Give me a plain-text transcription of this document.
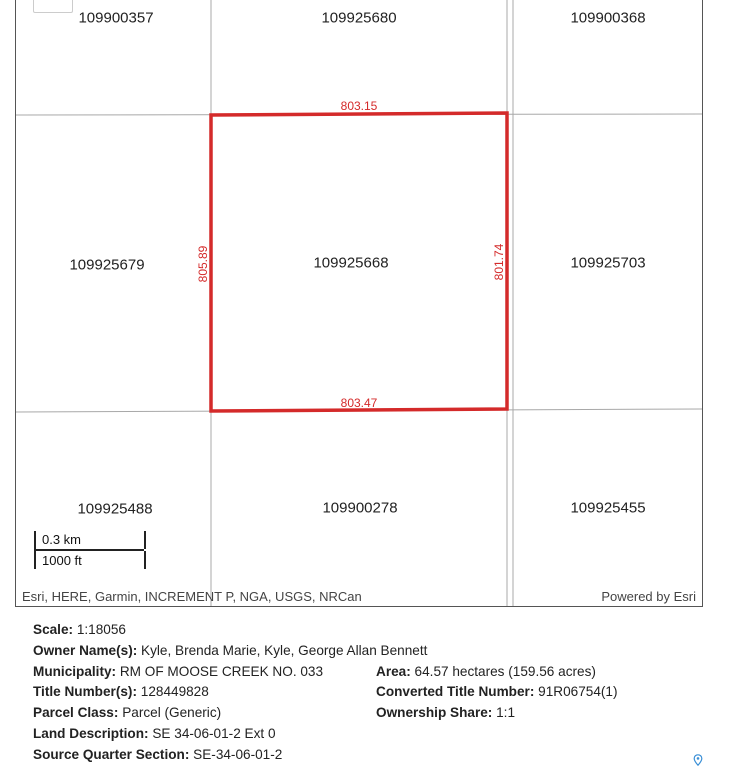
109900357	109925680	109900368
109925679	109925668	109925703
109925488	109900278	109925455
803.15
805.89	801.74
803.47
0.3 km
1000 ft
Esri, HERE, Garmin, INCREMENT P, NGA, USGS, NRCan	Powered by Esri
Scale: 1:18056
Owner Name(s): Kyle, Brenda Marie, Kyle, George Allan Bennett
Municipality: RM OF MOOSE CREEK NO. 033	Area: 64.57 hectares (159.56 acres)
Title Number(s): 128449828	Converted Title Number: 91R06754(1)
Parcel Class: Parcel (Generic)	Ownership Share: 1:1
Land Description: SE 34-06-01-2 Ext 0
Source Quarter Section: SE-34-06-01-2
